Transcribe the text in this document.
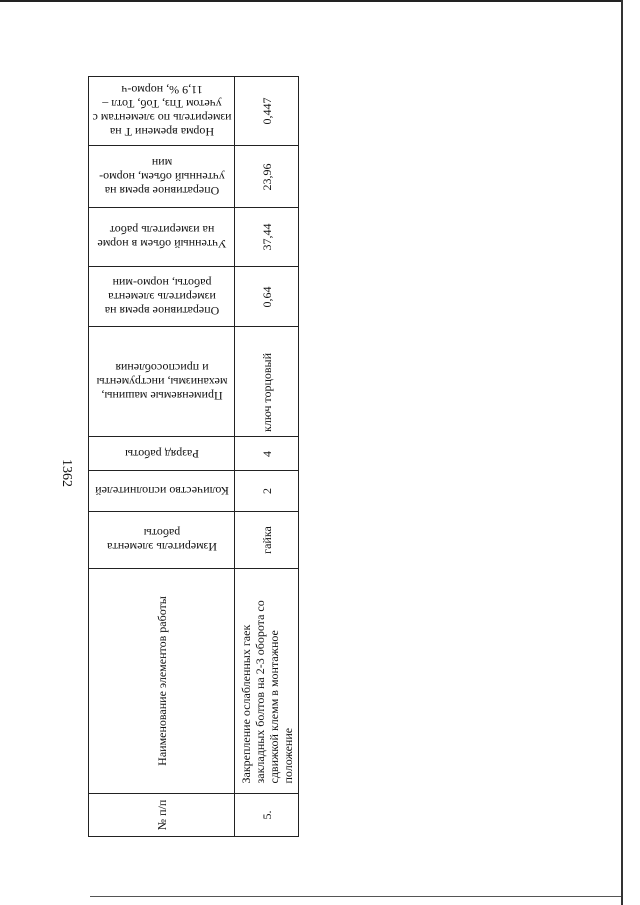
1362
Норма времени Т на измеритель по элементам с учетом Тпз, Тоб, Тотл – 11,9 %, нормо-ч	0,447

Оперативное время на учтенный объем, нормо-мин	23,96

Учтенный объем в норме на измеритель работ	37,44

Оперативное время на измеритель элемента работы, нормо-мин	0,64

Применяемые машины, механизмы, инструменты и приспособления	ключ торцовый

Разряд работы	4

Количество исполнителей	2

Измеритель элемента работы	гайка

Наименование элементов работы	Закрепление ослабленных гаек закладных болтов на 2-3 оборота со сдвижкой клемм в монтажное положение

№ п/п	5.
